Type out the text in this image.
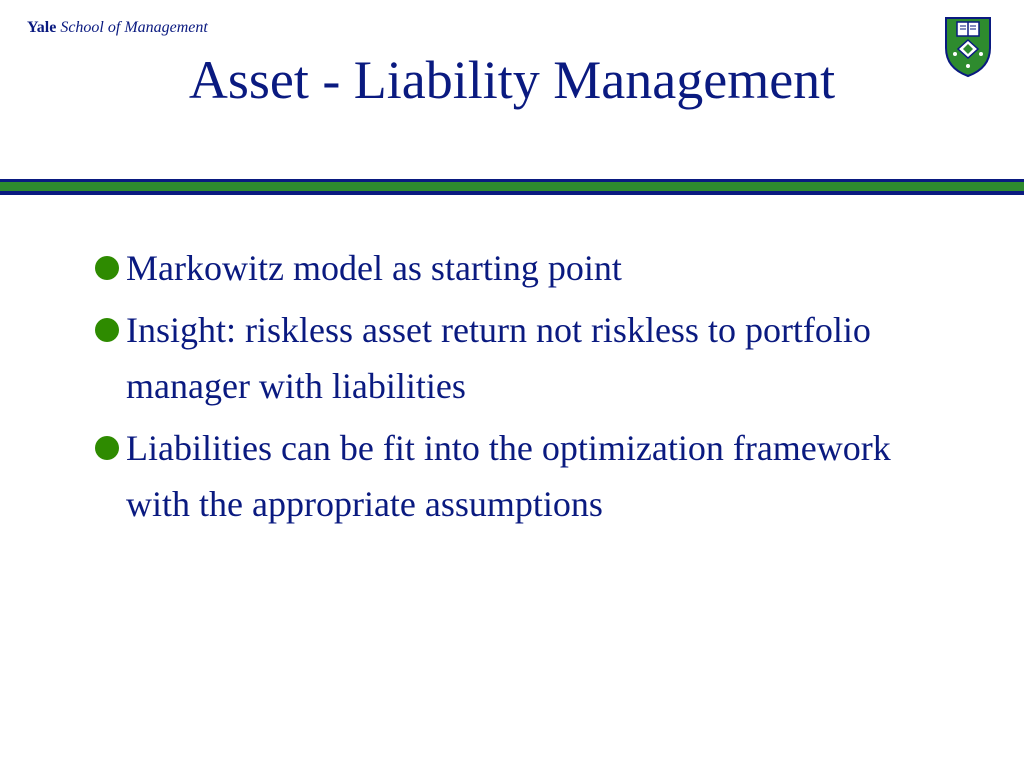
Yale School of Management
Asset - Liability Management
Markowitz model as starting point
Insight: riskless asset return not riskless to portfolio manager with liabilities
Liabilities can be fit into the optimization framework with the appropriate assumptions
